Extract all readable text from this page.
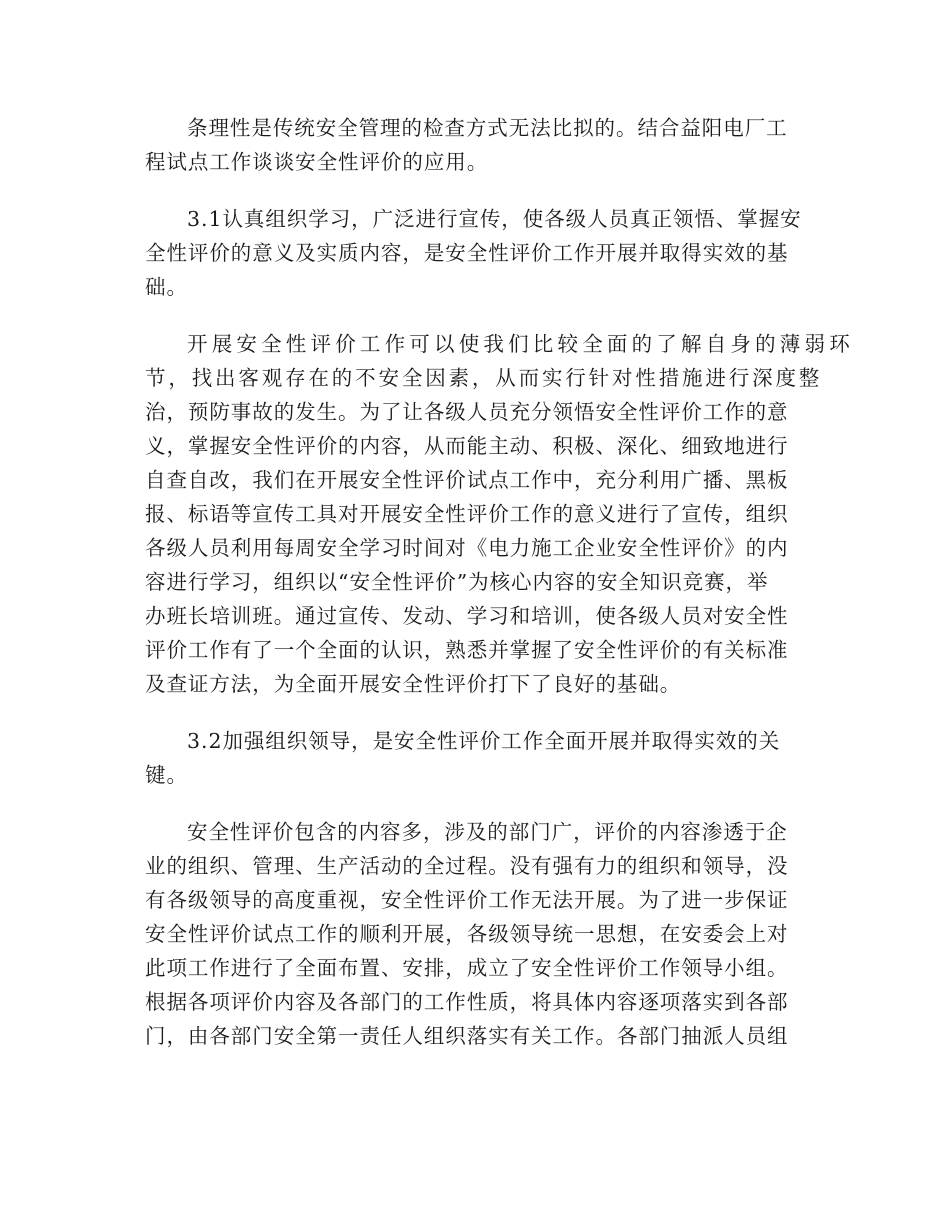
条理性是传统安全管理的检查方式无法比拟的。结合益阳电厂工
程试点工作谈谈安全性评价的应用。
3.1认真组织学习，广泛进行宣传，使各级人员真正领悟、掌握安
全性评价的意义及实质内容，是安全性评价工作开展并取得实效的基
础。
开展安全性评价工作可以使我们比较全面的了解自身的薄弱环
节，找出客观存在的不安全因素，从而实行针对性措施进行深度整
治，预防事故的发生。为了让各级人员充分领悟安全性评价工作的意
义，掌握安全性评价的内容，从而能主动、积极、深化、细致地进行
自查自改，我们在开展安全性评价试点工作中，充分利用广播、黑板
报、标语等宣传工具对开展安全性评价工作的意义进行了宣传，组织
各级人员利用每周安全学习时间对《电力施工企业安全性评价》的内
容进行学习，组织以“安全性评价”为核心内容的安全知识竞赛，举
办班长培训班。通过宣传、发动、学习和培训，使各级人员对安全性
评价工作有了一个全面的认识，熟悉并掌握了安全性评价的有关标准
及查证方法，为全面开展安全性评价打下了良好的基础。
3.2加强组织领导，是安全性评价工作全面开展并取得实效的关
键。
安全性评价包含的内容多，涉及的部门广，评价的内容渗透于企
业的组织、管理、生产活动的全过程。没有强有力的组织和领导，没
有各级领导的高度重视，安全性评价工作无法开展。为了进一步保证
安全性评价试点工作的顺利开展，各级领导统一思想，在安委会上对
此项工作进行了全面布置、安排，成立了安全性评价工作领导小组。
根据各项评价内容及各部门的工作性质，将具体内容逐项落实到各部
门，由各部门安全第一责任人组织落实有关工作。各部门抽派人员组
